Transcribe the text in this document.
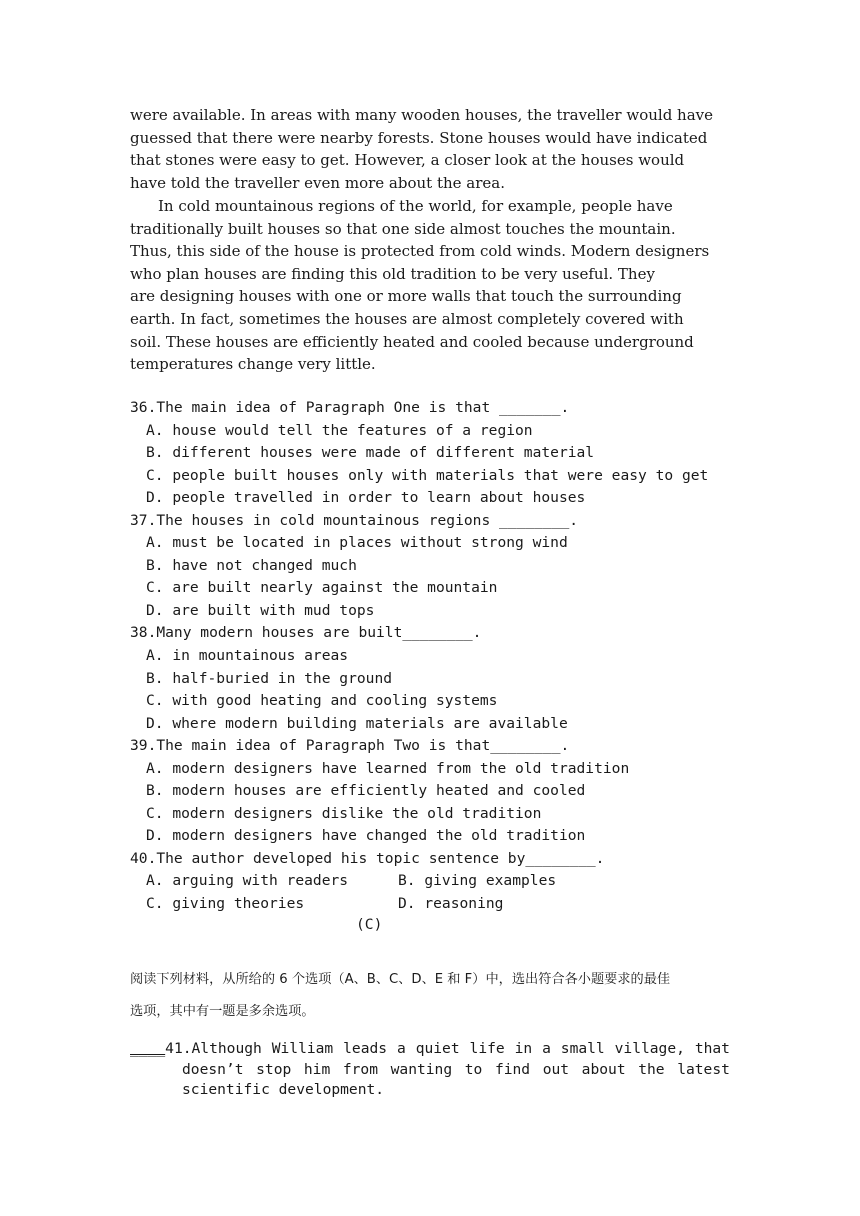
were available. In areas with many wooden houses, the traveller would have
guessed that there were nearby forests. Stone houses would have indicated
that stones were easy to get. However, a closer look at the houses would
have told the traveller even more about the area.
In cold mountainous regions of the world, for example, people have
traditionally built houses so that one side almost touches the mountain.
Thus, this side of the house is protected from cold winds. Modern designers
who plan houses are finding this old tradition to be very useful. They
are designing houses with one or more walls that touch the surrounding
earth. In fact, sometimes the houses are almost completely covered with
soil. These houses are efficiently heated and cooled because underground
temperatures change very little.
36.The main idea of Paragraph One is that _______.
A. house would tell the features of a region
B. different houses were made of different material
C. people built houses only with materials that were easy to get
D. people travelled in order to learn about houses
37.The houses in cold mountainous regions ________.
A. must be located in places without strong wind
B. have not changed much
C. are built nearly against the mountain
D. are built with mud tops
38.Many modern houses are built________.
A. in mountainous areas
B. half-buried in the ground
C. with good heating and cooling systems
D. where modern building materials are available
39.The main idea of Paragraph Two is that________.
A. modern designers have learned from the old tradition
B. modern houses are efficiently heated and cooled
C. modern designers dislike the old tradition
D. modern designers have changed the old tradition
40.The author developed his topic sentence by________.
A. arguing with readers	B. giving examples
C. giving theories	D. reasoning
(C)
阅读下列材料，从所给的 6 个选项（A、B、C、D、E 和 F）中，选出符合各小题要求的最佳
选项，其中有一题是多余选项。
____41.Although William leads a quiet life in a small village, that
doesn’t stop him from wanting to find out about the latest
scientific development.
